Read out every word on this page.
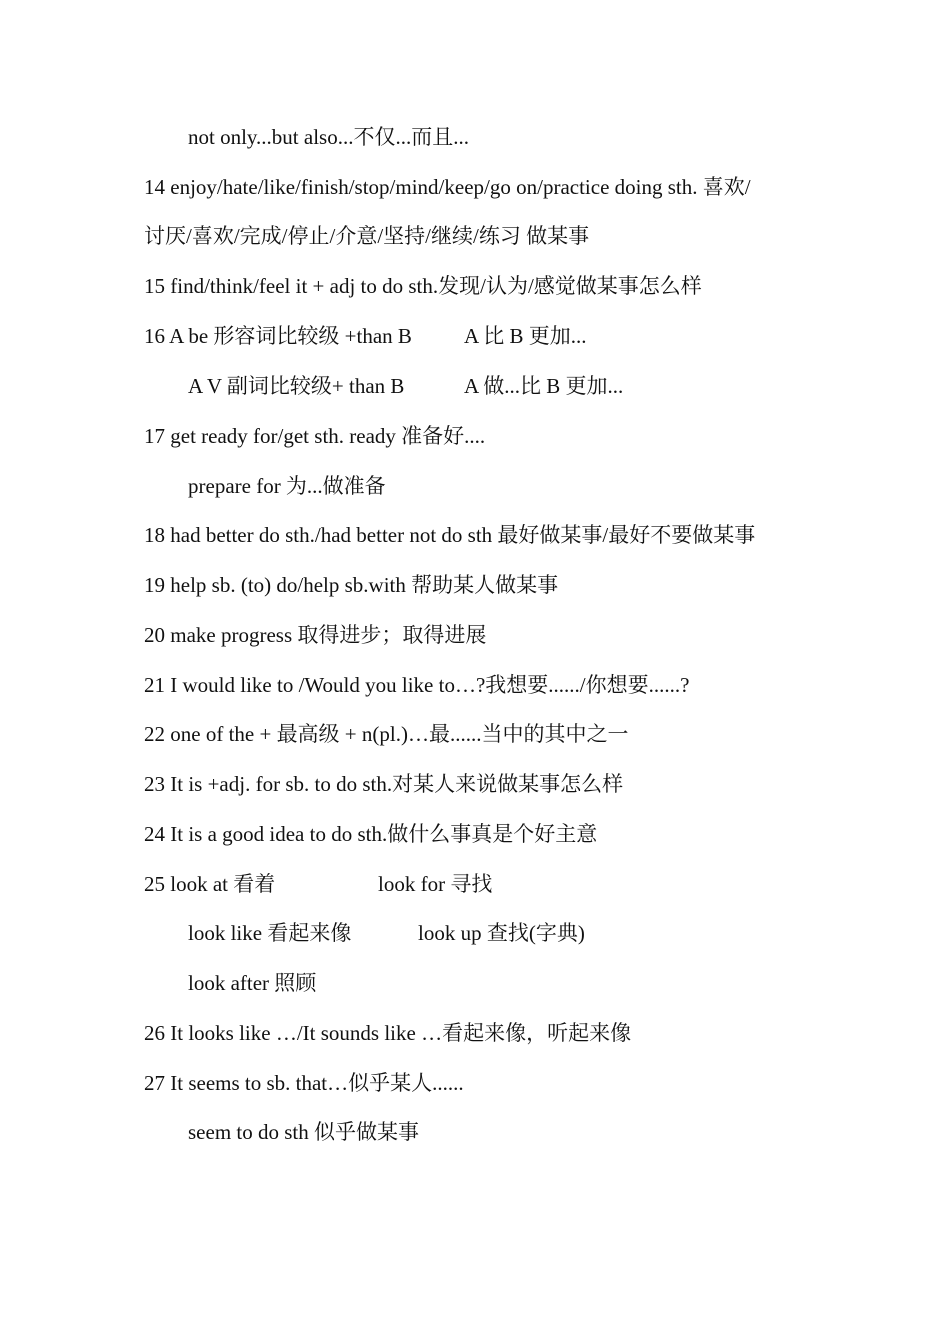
not only...but also...不仅...而且...
14 enjoy/hate/like/finish/stop/mind/keep/go on/practice doing sth. 喜欢/
讨厌/喜欢/完成/停止/介意/坚持/继续/练习 做某事
15 find/think/feel it + adj to do sth.发现/认为/感觉做某事怎么样
16 A be 形容词比较级 +than B A 比 B 更加...
A V 副词比较级+ than B	A 做...比 B 更加...
17 get ready for/get sth. ready 准备好....
prepare for 为...做准备
18 had better do sth./had better not do sth 最好做某事/最好不要做某事
19 help sb. (to) do/help sb.with 帮助某人做某事
20 make progress 取得进步；取得进展
21 I would like to /Would you like to…?我想要....../你想要......?
22 one of the + 最高级 + n(pl.)…最......当中的其中之一
23 It is +adj. for sb. to do sth.对某人来说做某事怎么样
24 It is a good idea to do sth.做什么事真是个好主意
25 look at 看着	look for 寻找
look like 看起来像	look up 查找(字典)
look after 照顾
26 It looks like …/It sounds like …看起来像，听起来像
27 It seems to sb. that…似乎某人......
seem to do sth 似乎做某事
